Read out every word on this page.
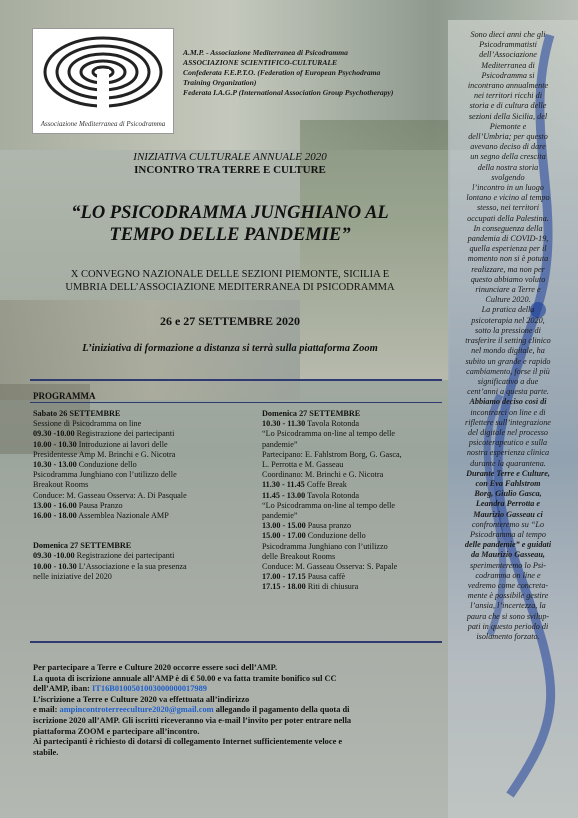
Associazione Mediterranea di Psicodramma
A.M.P. - Associazione Mediterranea di Psicodramma
ASSOCIAZIONE SCIENTIFICO-CULTURALE
Confederata F.E.P.T.O. (Federation of European Psychodrama
Training Organization)
Federata I.A.G.P (International Association Group Psychotherapy)
INIZIATIVA CULTURALE ANNUALE 2020
INCONTRO TRA TERRE E CULTURE
“LO PSICODRAMMA JUNGHIANO AL
TEMPO DELLE PANDEMIE”
X CONVEGNO NAZIONALE DELLE SEZIONI PIEMONTE, SICILIA E
UMBRIA DELL’ASSOCIAZIONE MEDITERRANEA DI PSICODRAMMA
26 e 27 SETTEMBRE 2020
L’iniziativa di formazione a distanza si terrà sulla piattaforma Zoom
PROGRAMMA
Sabato 26 SETTEMBRE
Sessione di Psicodramma on line
09.30 -10.00 Registrazione dei partecipanti
10.00 - 10.30 Introduzione ai lavori delle
Presidentesse Amp M. Brinchi e G. Nicotra
10.30 - 13.00 Conduzione dello
Psicodramma Junghiano con l’utilizzo delle
Breakout Rooms
Conduce: M. Gasseau Osserva: A. Di Pasquale
13.00 - 16.00 Pausa Pranzo
16.00 - 18.00 Assemblea Nazionale AMP
Domenica 27 SETTEMBRE
09.30 -10.00 Registrazione dei partecipanti
10.00 - 10.30 L’Associazione e la sua presenza
nelle iniziative del 2020
Domenica 27 SETTEMBRE
10.30 - 11.30 Tavola Rotonda
“Lo Psicodramma on-line al tempo delle
pandemie”
Partecipano: E. Fahlstrom Borg, G. Gasca,
L. Perrotta e M. Gasseau
Coordinano: M. Brinchi e G. Nicotra
11.30 - 11.45 Coffe Break
11.45 - 13.00 Tavola Rotonda
“Lo Psicodramma on-line al tempo delle
pandemie”
13.00 - 15.00 Pausa pranzo
15.00 - 17.00 Conduzione dello
Psicodramma Junghiano con l’utilizzo
delle Breakout Rooms
Conduce: M. Gasseau Osserva: S. Papale
17.00 - 17.15 Pausa caffè
17.15 - 18.00 Riti di chiusura
Per partecipare a Terre e Culture 2020 occorre essere soci dell’AMP.
La quota di iscrizione annuale all’AMP è di € 50.00 e va fatta tramite bonifico sul CC
dell’AMP, iban: IT16B0100501003000000017989
L’iscrizione a Terre e Culture 2020 va effettuata all’indirizzo
e mail: ampincontroterreeculture2020@gmail.com allegando il pagamento della quota di
iscrizione 2020 all’AMP. Gli iscritti riceveranno via e-mail l’invito per poter entrare nella
piattaforma ZOOM e partecipare all’incontro.
Ai partecipanti è richiesto di dotarsi di collegamento Internet sufficientemente veloce e
stabile.
Sono dieci anni che gli
Psicodrammatisti
dell’Associazione
Mediterranea di
Psicodramma si
incontrano annualmente
nei territori ricchi di
storia e di cultura delle
sezioni della Sicilia, del
Piemonte e
dell’Umbria; per questo
avevano deciso di dare
un segno della crescita
della nostra storia
svolgendo
l’incontro in un luogo
lontano e vicino al tempo
stesso, nei territori
occupati della Palestina.
In conseguenza della
pandemia di COVID-19,
quella esperienza per il
momento non si è potuta
realizzare, ma non per
questo abbiamo voluto
rinunciare a Terre e
Culture 2020.
La pratica della
psicoterapia nel 2020,
sotto la pressione di
trasferire il setting clinico
nel mondo digitale, ha
subito un grande e rapido
cambiamento, forse il più
significativo a due
cent’anni a questa parte.
Abbiamo deciso così di
incontrarci on line e di
riflettere sull’integrazione
del digitale nel processo
psicoterapeutico e sulla
nostra esperienza clinica
durante la quarantena.
Durante Terre e Culture,
con Eva Fahlstrom
Borg, Giulio Gasca,
Leandra Perrotta e
Maurizio Gasseau ci
confronteremo su “Lo
Psicodramma al tempo
delle pandemie” e guidati
da Maurizio Gasseau,
sperimenteremo lo Psi-
codramma on line e
vedremo come concreta-
mente è possibile gestire
l’ansia, l’incertezza, la
paura che si sono svilup-
pati in questo periodo di
isolamento forzato.
